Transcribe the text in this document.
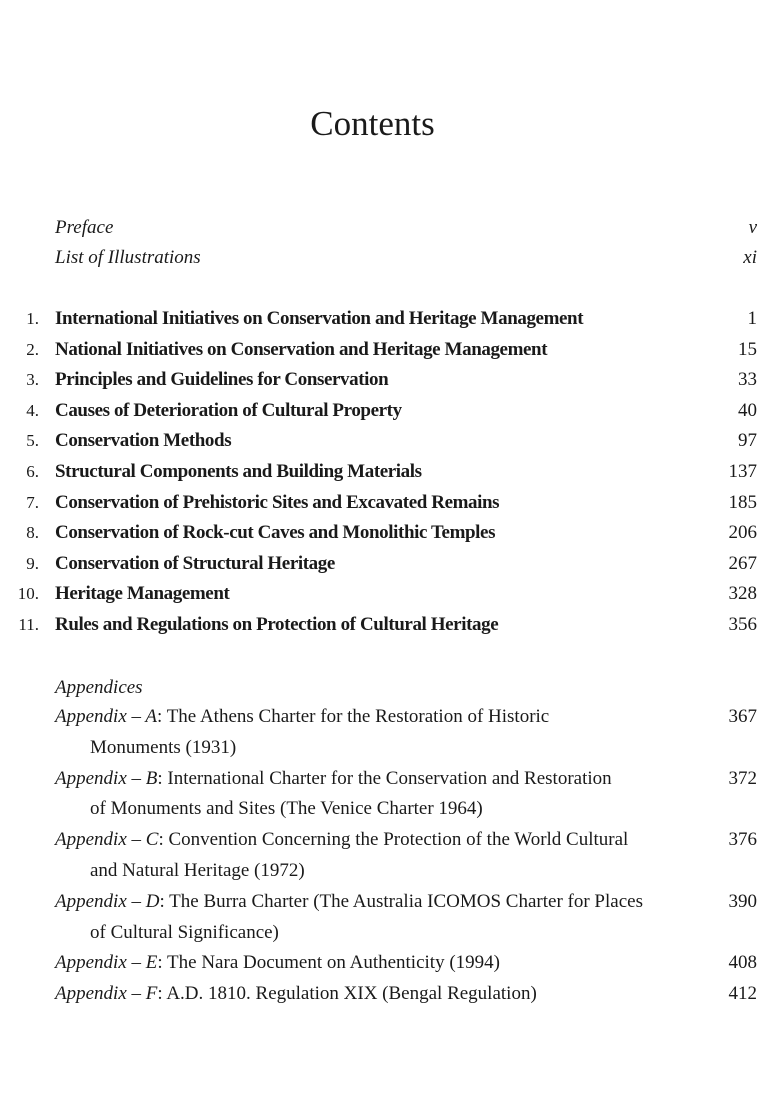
Contents
Preface	v
List of Illustrations	xi
1. International Initiatives on Conservation and Heritage Management	1
2. National Initiatives on Conservation and Heritage Management	15
3. Principles and Guidelines for Conservation	33
4. Causes of Deterioration of Cultural Property	40
5. Conservation Methods	97
6. Structural Components and Building Materials	137
7. Conservation of Prehistoric Sites and Excavated Remains	185
8. Conservation of Rock-cut Caves and Monolithic Temples	206
9. Conservation of Structural Heritage	267
10. Heritage Management	328
11. Rules and Regulations on Protection of Cultural Heritage	356
Appendices
Appendix – A: The Athens Charter for the Restoration of Historic	367
Monuments (1931)
Appendix – B: International Charter for the Conservation and Restoration	372
of Monuments and Sites (The Venice Charter 1964)
Appendix – C: Convention Concerning the Protection of the World Cultural	376
and Natural Heritage (1972)
Appendix – D: The Burra Charter (The Australia ICOMOS Charter for Places	390
of Cultural Significance)
Appendix – E: The Nara Document on Authenticity (1994)	408
Appendix – F: A.D. 1810. Regulation XIX (Bengal Regulation)	412
